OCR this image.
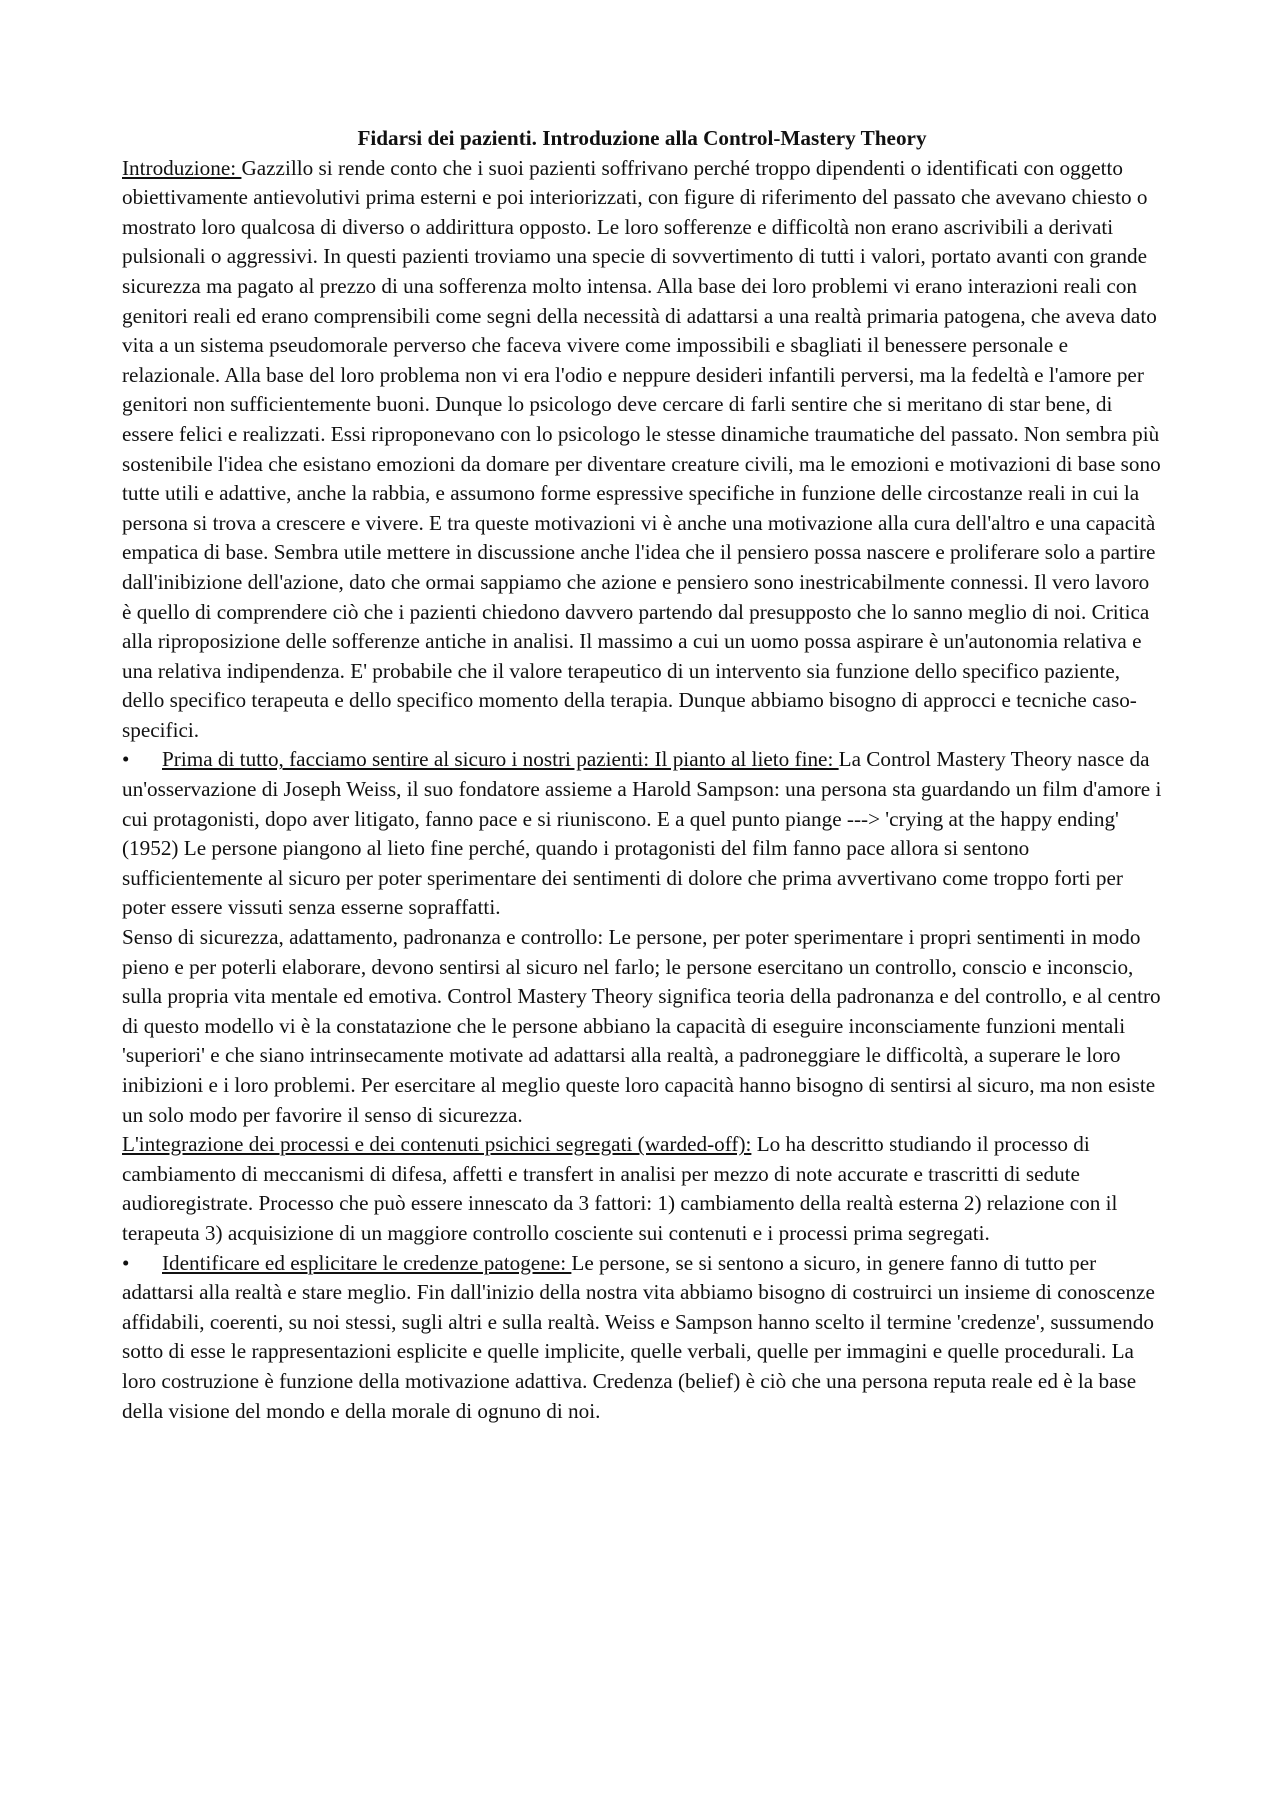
Fidarsi dei pazienti. Introduzione alla Control-Mastery Theory

Introduzione: Gazzillo si rende conto che i suoi pazienti soffrivano perché troppo dipendenti o identificati con oggetto obiettivamente antievolutivi prima esterni e poi interiorizzati, con figure di riferimento del passato che avevano chiesto o mostrato loro qualcosa di diverso o addirittura opposto. Le loro sofferenze e difficoltà non erano ascrivibili a derivati pulsionali o aggressivi. In questi pazienti troviamo una specie di sovvertimento di tutti i valori, portato avanti con grande sicurezza ma pagato al prezzo di una sofferenza molto intensa. Alla base dei loro problemi vi erano interazioni reali con genitori reali ed erano comprensibili come segni della necessità di adattarsi a una realtà primaria patogena, che aveva dato vita a un sistema pseudomorale perverso che faceva vivere come impossibili e sbagliati il benessere personale e relazionale. Alla base del loro problema non vi era l'odio e neppure desideri infantili perversi, ma la fedeltà e l'amore per genitori non sufficientemente buoni. Dunque lo psicologo deve cercare di farli sentire che si meritano di star bene, di essere felici e realizzati. Essi riproponevano con lo psicologo le stesse dinamiche traumatiche del passato. Non sembra più sostenibile l'idea che esistano emozioni da domare per diventare creature civili, ma le emozioni e motivazioni di base sono tutte utili e adattive, anche la rabbia, e assumono forme espressive specifiche in funzione delle circostanze reali in cui la persona si trova a crescere e vivere. E tra queste motivazioni vi è anche una motivazione alla cura dell'altro e una capacità empatica di base. Sembra utile mettere in discussione anche l'idea che il pensiero possa nascere e proliferare solo a partire dall'inibizione dell'azione, dato che ormai sappiamo che azione e pensiero sono inestricabilmente connessi. Il vero lavoro è quello di comprendere ciò che i pazienti chiedono davvero partendo dal presupposto che lo sanno meglio di noi. Critica alla riproposizione delle sofferenze antiche in analisi. Il massimo a cui un uomo possa aspirare è un'autonomia relativa e una relativa indipendenza. E' probabile che il valore terapeutico di un intervento sia funzione dello specifico paziente, dello specifico terapeuta e dello specifico momento della terapia. Dunque abbiamo bisogno di approcci e tecniche caso-specifici.

• Prima di tutto, facciamo sentire al sicuro i nostri pazienti: Il pianto al lieto fine: La Control Mastery Theory nasce da un'osservazione di Joseph Weiss, il suo fondatore assieme a Harold Sampson: una persona sta guardando un film d'amore i cui protagonisti, dopo aver litigato, fanno pace e si riuniscono. E a quel punto piange ---> 'crying at the happy ending' (1952) Le persone piangono al lieto fine perché, quando i protagonisti del film fanno pace allora si sentono sufficientemente al sicuro per poter sperimentare dei sentimenti di dolore che prima avvertivano come troppo forti per poter essere vissuti senza esserne sopraffatti.

Senso di sicurezza, adattamento, padronanza e controllo: Le persone, per poter sperimentare i propri sentimenti in modo pieno e per poterli elaborare, devono sentirsi al sicuro nel farlo; le persone esercitano un controllo, conscio e inconscio, sulla propria vita mentale ed emotiva. Control Mastery Theory significa teoria della padronanza e del controllo, e al centro di questo modello vi è la constatazione che le persone abbiano la capacità di eseguire inconsciamente funzioni mentali 'superiori' e che siano intrinsecamente motivate ad adattarsi alla realtà, a padroneggiare le difficoltà, a superare le loro inibizioni e i loro problemi. Per esercitare al meglio queste loro capacità hanno bisogno di sentirsi al sicuro, ma non esiste un solo modo per favorire il senso di sicurezza.

L'integrazione dei processi e dei contenuti psichici segregati (warded-off): Lo ha descritto studiando il processo di cambiamento di meccanismi di difesa, affetti e transfert in analisi per mezzo di note accurate e trascritti di sedute audioregistrate. Processo che può essere innescato da 3 fattori: 1) cambiamento della realtà esterna 2) relazione con il terapeuta 3) acquisizione di un maggiore controllo cosciente sui contenuti e i processi prima segregati.

• Identificare ed esplicitare le credenze patogene: Le persone, se si sentono a sicuro, in genere fanno di tutto per adattarsi alla realtà e stare meglio. Fin dall'inizio della nostra vita abbiamo bisogno di costruirci un insieme di conoscenze affidabili, coerenti, su noi stessi, sugli altri e sulla realtà. Weiss e Sampson hanno scelto il termine 'credenze', sussumendo sotto di esse le rappresentazioni esplicite e quelle implicite, quelle verbali, quelle per immagini e quelle procedurali. La loro costruzione è funzione della motivazione adattiva. Credenza (belief) è ciò che una persona reputa reale ed è la base della visione del mondo e della morale di ognuno di noi.
